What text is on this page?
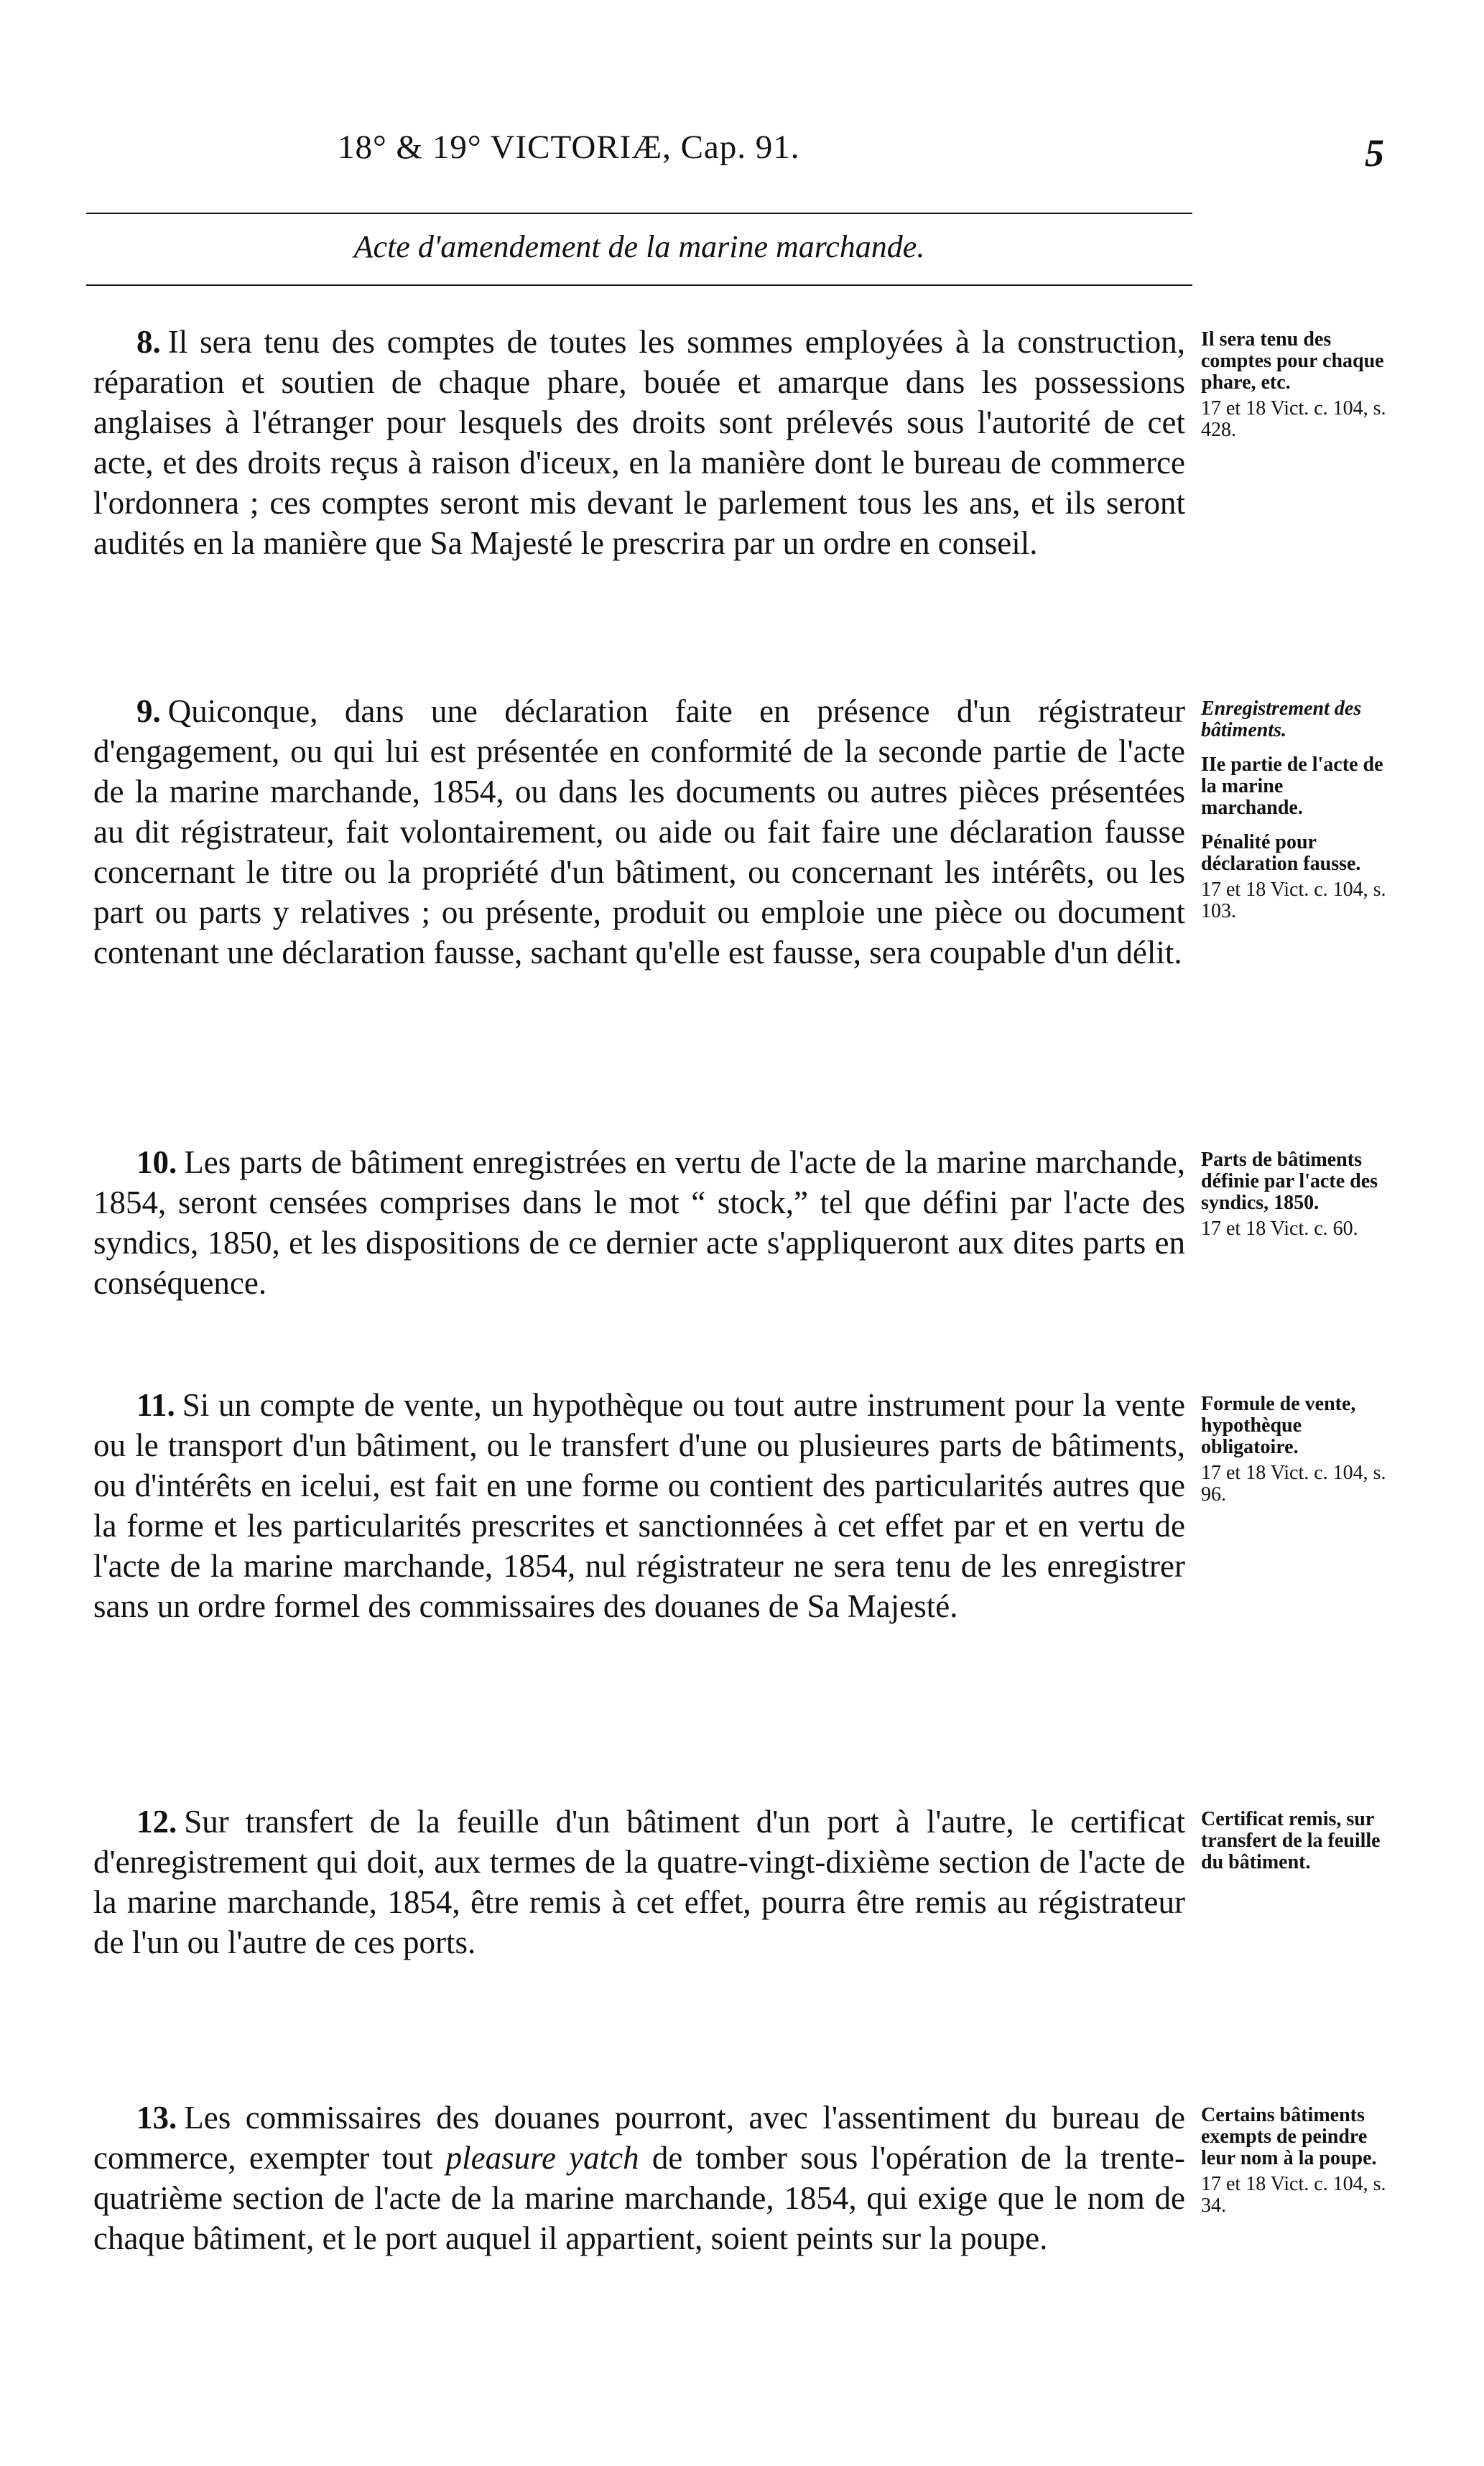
18° & 19° VICTORIÆ, Cap. 91.	5
Acte d'amendement de la marine marchande.
8. Il sera tenu des comptes de toutes les sommes employées à la construction, réparation et soutien de chaque phare, bouée et amarque dans les possessions anglaises à l'étranger pour lesquels des droits sont prélevés sous l'autorité de cet acte, et des droits reçus à raison d'iceux, en la manière dont le bureau de commerce l'ordonnera ; ces comptes seront mis devant le parlement tous les ans, et ils seront audités en la manière que Sa Majesté le prescrira par un ordre en conseil.
Il sera tenu des comptes pour chaque phare, etc.
17 et 18 Vict. c. 104, s. 428.
9. Quiconque, dans une déclaration faite en présence d'un régistrateur d'engagement, ou qui lui est présentée en conformité de la seconde partie de l'acte de la marine marchande, 1854, ou dans les documents ou autres pièces présentées au dit régistrateur, fait volontairement, ou aide ou fait faire une déclaration fausse concernant le titre ou la propriété d'un bâtiment, ou concernant les intérêts, ou les part ou parts y relatives ; ou présente, produit ou emploie une pièce ou document contenant une déclaration fausse, sachant qu'elle est fausse, sera coupable d'un délit.
Enregistrement des bâtiments.
IIe partie de l'acte de la marine marchande.
Pénalité pour déclaration fausse.
17 et 18 Vict. c. 104, s. 103.
10. Les parts de bâtiment enregistrées en vertu de l'acte de la marine marchande, 1854, seront censées comprises dans le mot “ stock,” tel que défini par l'acte des syndics, 1850, et les dispositions de ce dernier acte s'appliqueront aux dites parts en conséquence.
Parts de bâtiments définie par l'acte des syndics, 1850.
17 et 18 Vict. c. 60.
11. Si un compte de vente, un hypothèque ou tout autre instrument pour la vente ou le transport d'un bâtiment, ou le transfert d'une ou plusieures parts de bâtiments, ou d'intérêts en icelui, est fait en une forme ou contient des particularités autres que la forme et les particularités prescrites et sanctionnées à cet effet par et en vertu de l'acte de la marine marchande, 1854, nul régistrateur ne sera tenu de les enregistrer sans un ordre formel des commissaires des douanes de Sa Majesté.
Formule de vente, hypothèque obligatoire.
17 et 18 Vict. c. 104, s. 96.
12. Sur transfert de la feuille d'un bâtiment d'un port à l'autre, le certificat d'enregistrement qui doit, aux termes de la quatre-vingt-dixième section de l'acte de la marine marchande, 1854, être remis à cet effet, pourra être remis au régistrateur de l'un ou l'autre de ces ports.
Certificat remis, sur transfert de la feuille du bâtiment.
13. Les commissaires des douanes pourront, avec l'assentiment du bureau de commerce, exempter tout pleasure yatch de tomber sous l'opération de la trente-quatrième section de l'acte de la marine marchande, 1854, qui exige que le nom de chaque bâtiment, et le port auquel il appartient, soient peints sur la poupe.
Certains bâtiments exempts de peindre leur nom à la poupe.
17 et 18 Vict. c. 104, s. 34.
